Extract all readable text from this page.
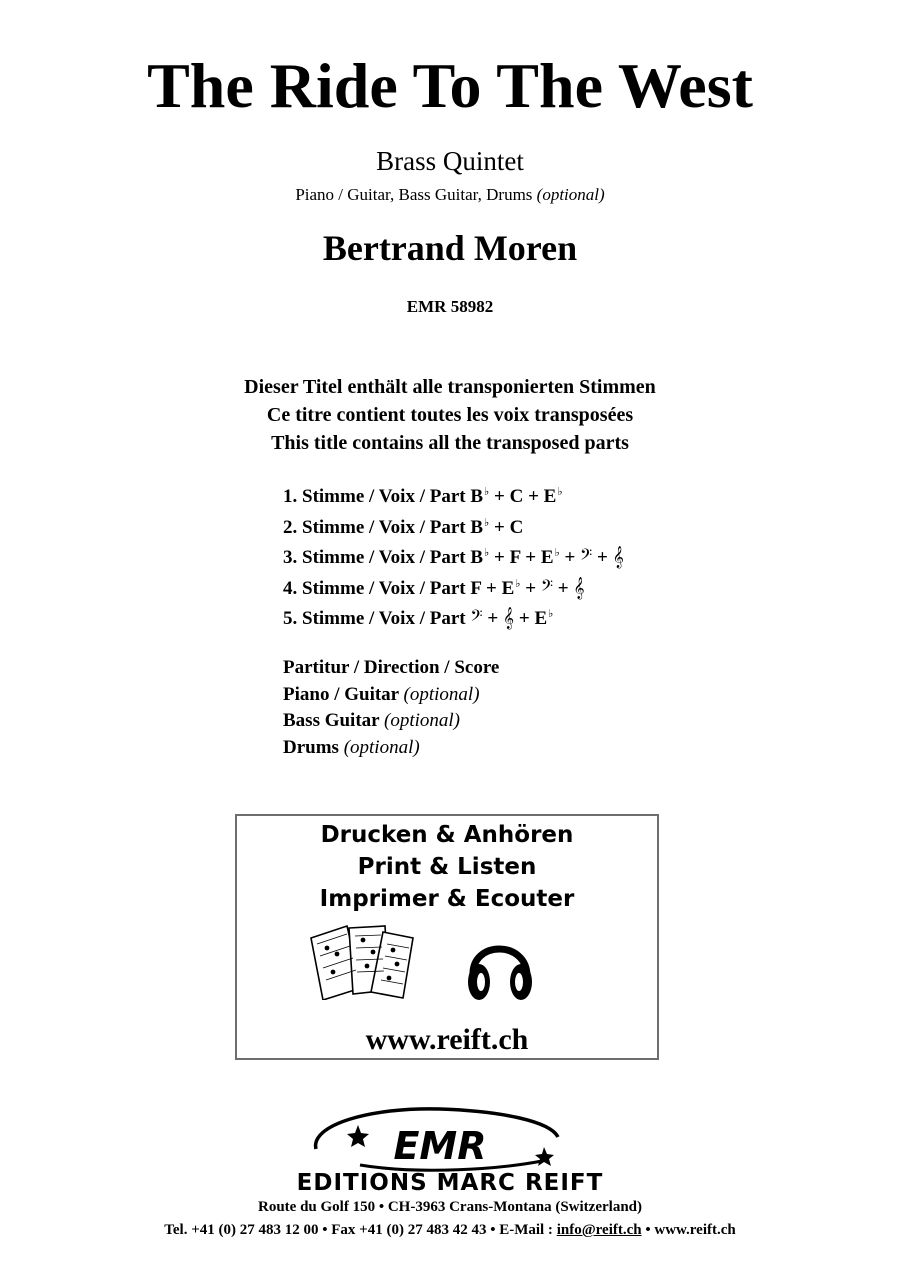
The Ride To The West
Brass Quintet
Piano / Guitar, Bass Guitar, Drums (optional)
Bertrand Moren
EMR 58982
Dieser Titel enthält alle transponierten Stimmen
Ce titre contient toutes les voix transposées
This title contains all the transposed parts
1. Stimme / Voix / Part B♭ + C + E♭
2. Stimme / Voix / Part B♭ + C
3. Stimme / Voix / Part B♭ + F + E♭ + 𝄢 + 𝄞
4. Stimme / Voix / Part F + E♭ + 𝄢 + 𝄞
5. Stimme / Voix / Part 𝄢 + 𝄞 + E♭
Partitur / Direction / Score
Piano / Guitar (optional)
Bass Guitar (optional)
Drums (optional)
Drucken & Anhören
Print & Listen
Imprimer & Ecouter
www.reift.ch
EMR
EDITIONS MARC REIFT
Route du Golf 150 • CH-3963 Crans-Montana (Switzerland)
Tel. +41 (0) 27 483 12 00 • Fax +41 (0) 27 483 42 43 • E-Mail : info@reift.ch • www.reift.ch
